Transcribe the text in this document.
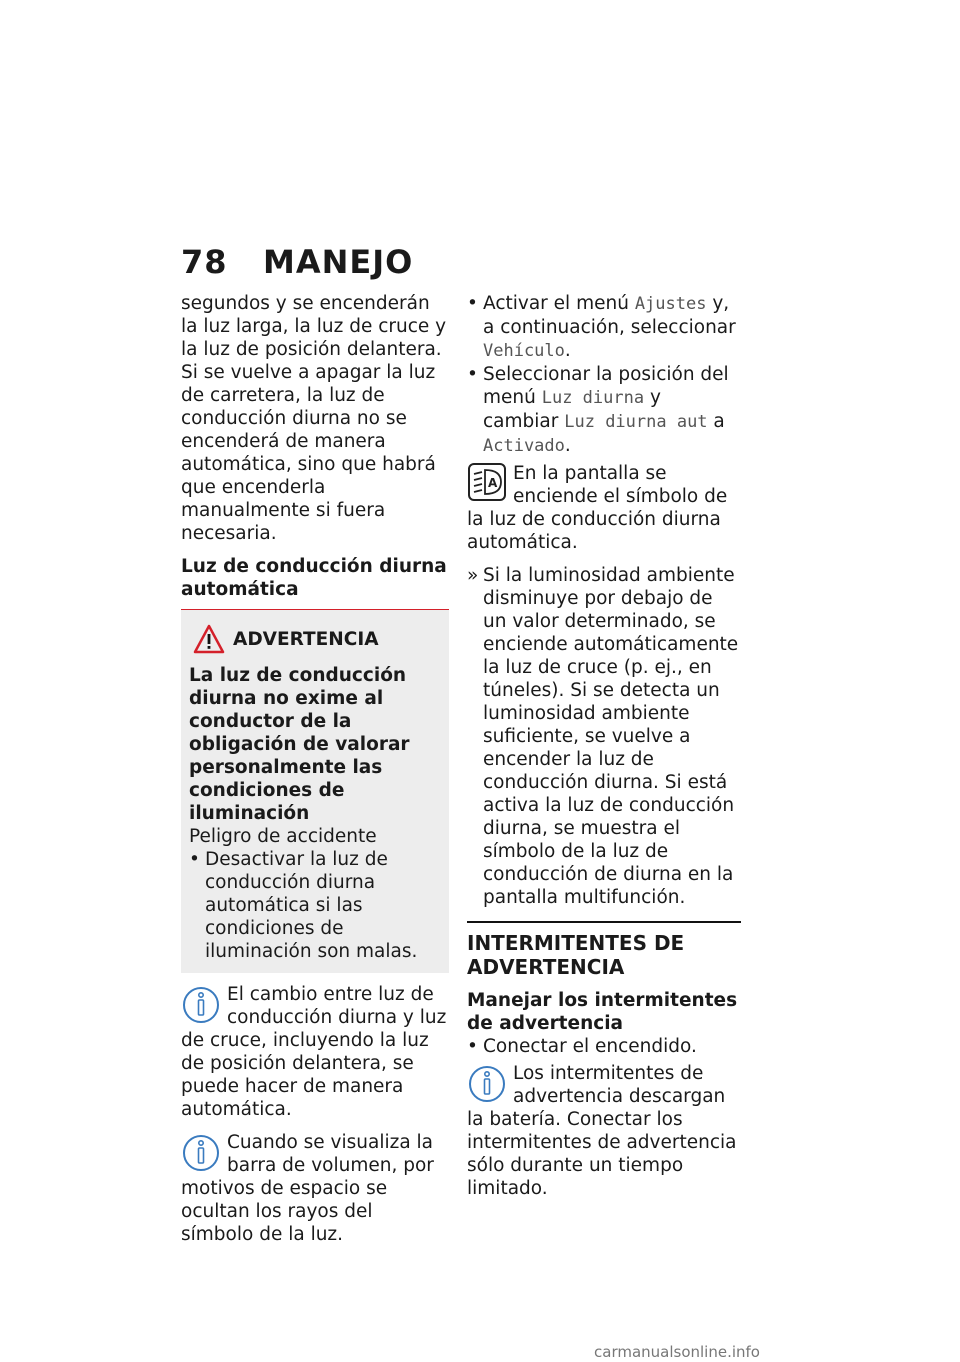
78 MANEJO

segundos y se encenderán la luz larga, la luz de cruce y la luz de posición delantera.

Si se vuelve a apagar la luz de carretera, la luz de conducción diurna no se encenderá de manera automática, sino que habrá que encenderla manualmente si fuera necesaria.

Luz de conducción diurna automática

ADVERTENCIA

La luz de conducción diurna no exime al conductor de la obligación de valorar personalmente las condiciones de iluminación

Peligro de accidente

• Desactivar la luz de conducción diurna automática si las condiciones de iluminación son malas.

El cambio entre luz de conducción diurna y luz de cruce, incluyendo la luz de posición delantera, se puede hacer de manera automática.
Cuando se visualiza la barra de volumen, por motivos de espacio se ocultan los rayos del símbolo de la luz.

• Activar el menú Ajustes y, a continuación, seleccionar Vehículo.

• Seleccionar la posición del menú Luz diurna y cambiar Luz diurna aut a Activado.

A En la pantalla se enciende el símbolo de la luz de conducción diurna automática.

» Si la luminosidad ambiente disminuye por debajo de un valor determinado, se enciende automáticamente la luz de cruce (p. ej., en túneles). Si se detecta un luminosidad ambiente suficiente, se vuelve a encender la luz de conducción diurna. Si está activa la luz de conducción diurna, se muestra el símbolo de la luz de conducción de diurna en la pantalla multifunción.

INTERMITENTES DE ADVERTENCIA

Manejar los intermitentes de advertencia

• Conectar el encendido.

Los intermitentes de advertencia descargan la batería. Conectar los intermitentes de advertencia sólo durante un tiempo limitado.
carmanualsonline.info
